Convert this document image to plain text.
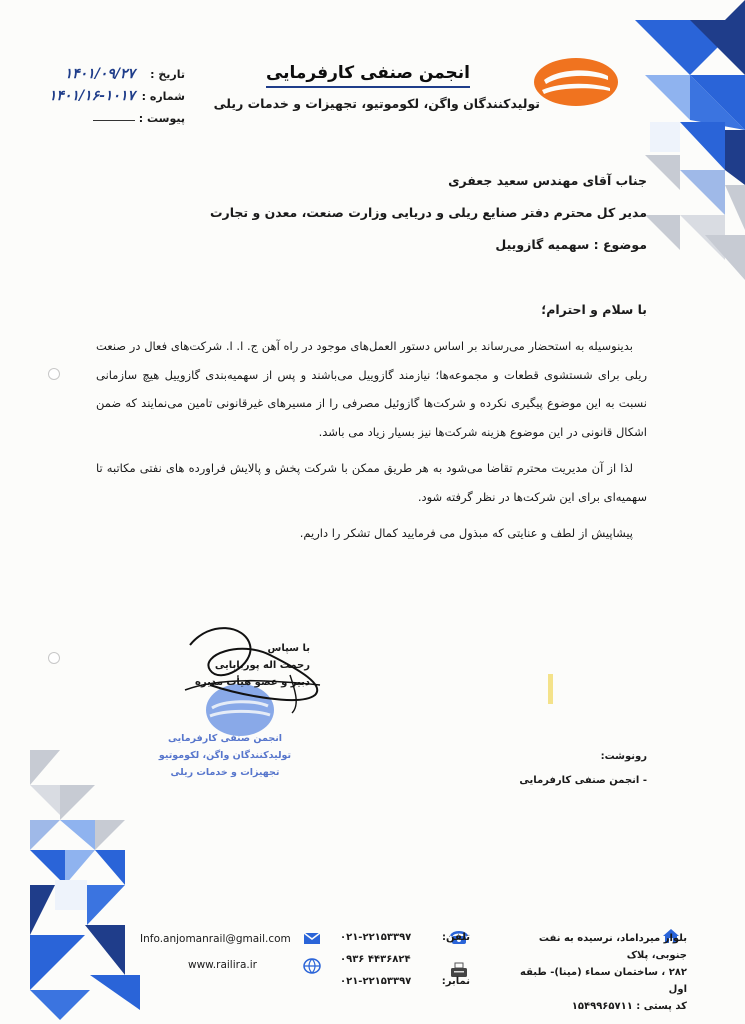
انجمن صنفی کارفرمایی
تولیدکنندگان واگن، لکوموتیو، تجهیزات و خدمات ریلی
تاریخ :
۱۴۰۱/۰۹/۲۷
شماره :
۱۴۰۱/۱۶-۱۰۱۷
پیوست :
جناب آقای مهندس سعید جعفری
مدیر کل محترم دفتر صنایع ریلی و دریایی وزارت صنعت، معدن و تجارت
موضوع : سهمیه گازوییل
با سلام و احترام؛

بدینوسیله به استحضار می‌رساند بر اساس دستور العمل‌های موجود در راه آهن ج. ا. ا. شرکت‌های فعال در صنعت ریلی برای شستشوی قطعات و مجموعه‌ها؛ نیازمند گازوییل می‌باشند و پس از سهمیه‌بندی گازوییل هیچ سازمانی نسبت به این موضوع پیگیری نکرده و شرکت‌ها گازوئیل مصرفی را از مسیرهای غیرقانونی تامین می‌نمایند که ضمن اشکال قانونی در این موضوع هزینه شرکت‌ها نیز بسیار زیاد می باشد.

لذا از آن مدیریت محترم تقاضا می‌شود به هر طریق ممکن با شرکت پخش و پالایش فراورده های نفتی مکاتبه تا سهمیه‌ای برای این شرکت‌ها در نظر گرفته شود.

پیشاپیش از لطف و عنایتی که مبذول می فرمایید کمال تشکر را داریم.

انجمن صنفی کارفرمایی
تولیدکنندگان واگن، لکوموتیو
تجهیزات و خدمات ریلی
با سپاس
رحمت اله پوربابایی
دبیر و عضو هیأت مدیره
رونوشت:
- انجمن صنفی کارفرمایی
بلوار میرداماد، نرسیده به نفت جنوبی، پلاک
۲۸۲ ، ساختمان سماء (مینا)- طبقه اول
کد پستی : ۱۵۴۹۹۶۵۷۱۱
تلفن:
۰۲۱-۲۲۱۵۳۳۹۷
۰۹۳۶ ۴۴۳۶۸۲۴
نمابر:
۰۲۱-۲۲۱۵۳۳۹۷
Info.anjomanrail@gmail.com
www.railira.ir
